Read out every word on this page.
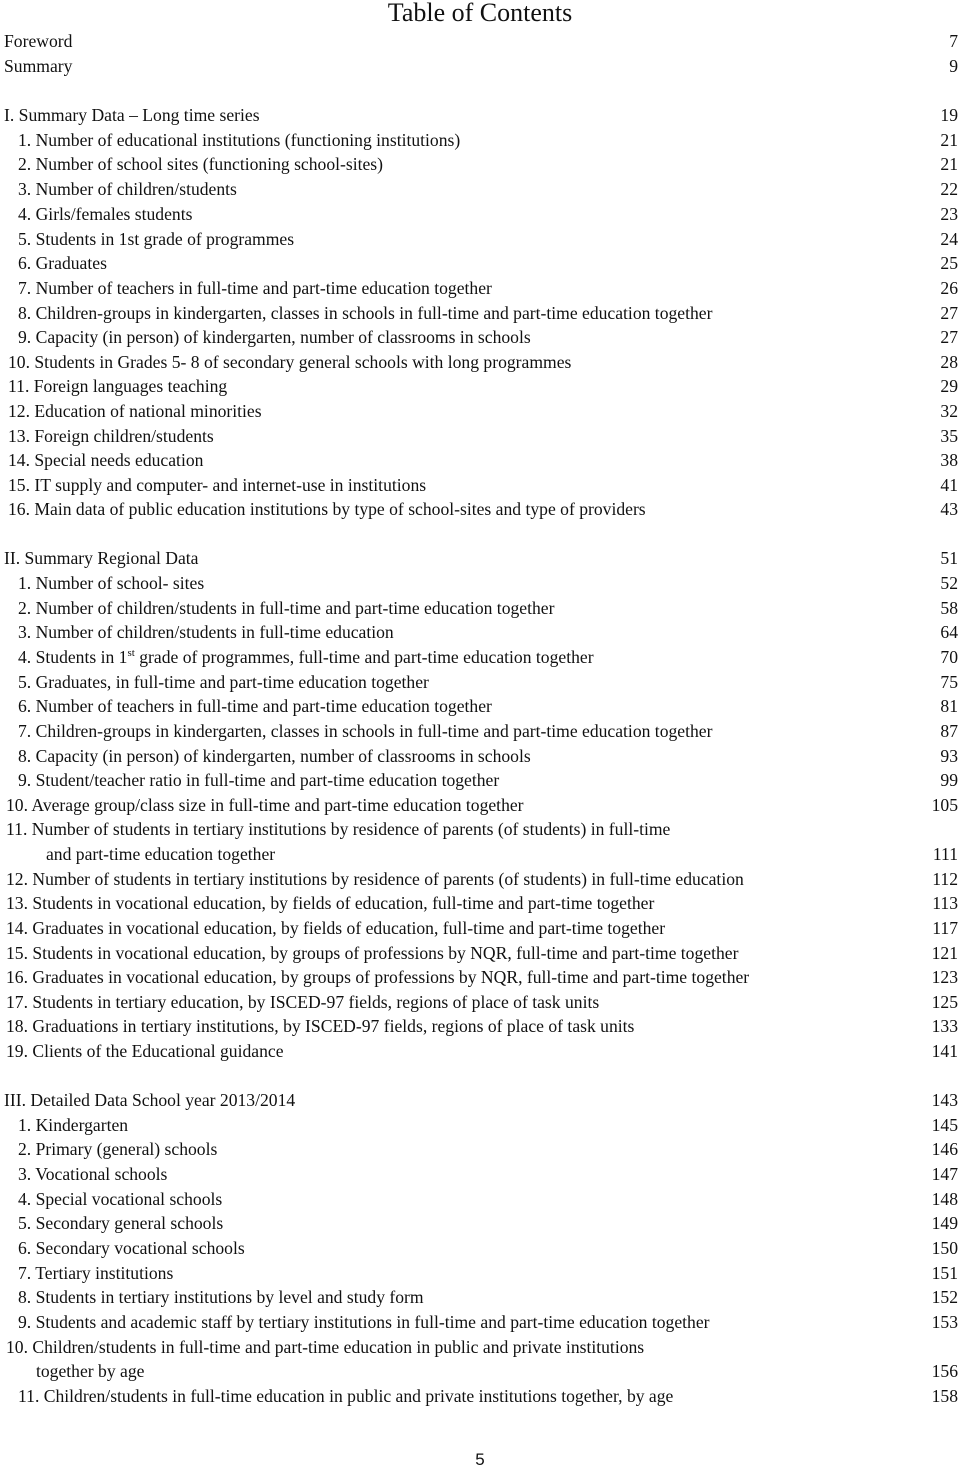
Table of Contents
Foreword	7
Summary	9
I. Summary Data – Long time series	19
1. Number of educational institutions (functioning institutions)	21
2. Number of school sites (functioning school-sites)	21
3. Number of children/students	22
4. Girls/females students	23
5. Students in 1st grade of programmes	24
6. Graduates	25
7. Number of teachers in full-time and part-time education together	26
8. Children-groups in kindergarten, classes in schools in full-time and part-time education together	27
9. Capacity (in person) of kindergarten, number of classrooms in schools	27
10. Students in Grades 5- 8 of secondary general schools with long programmes	28
11. Foreign languages teaching	29
12. Education of national minorities	32
13. Foreign children/students	35
14. Special needs education	38
15. IT supply and computer- and internet-use in institutions	41
16. Main data of public education institutions by type of school-sites and type of providers	43
II. Summary Regional Data	51
1. Number of school- sites	52
2. Number of children/students in full-time and part-time education together	58
3. Number of children/students in full-time education	64
4. Students in 1st grade of programmes, full-time and part-time education together	70
5. Graduates, in full-time and part-time education together	75
6. Number of teachers in full-time and part-time education together	81
7. Children-groups in kindergarten, classes in schools in full-time and part-time education together	87
8. Capacity (in person) of kindergarten, number of classrooms in schools	93
9. Student/teacher ratio in full-time and part-time education together	99
10. Average group/class size in full-time and part-time education together	105
11. Number of students in tertiary institutions by residence of parents (of students) in full-time
and part-time education together	111
12. Number of students in tertiary institutions by residence of parents (of students) in full-time education	112
13. Students in vocational education, by fields of education, full-time and part-time together	113
14. Graduates in vocational education, by fields of education, full-time and part-time together	117
15. Students in vocational education, by groups of professions by NQR, full-time and part-time together	121
16. Graduates in vocational education, by groups of professions by NQR, full-time and part-time together	123
17. Students in tertiary education, by ISCED-97 fields, regions of place of task units	125
18. Graduations in tertiary institutions, by ISCED-97 fields, regions of place of task units	133
19. Clients of the Educational guidance	141
III. Detailed Data School year 2013/2014	143
1. Kindergarten	145
2. Primary (general) schools	146
3. Vocational schools	147
4. Special vocational schools	148
5. Secondary general schools	149
6. Secondary vocational schools	150
7. Tertiary institutions	151
8. Students in tertiary institutions by level and study form	152
9. Students and academic staff by tertiary institutions in full-time and part-time education together	153
10. Children/students in full-time and part-time education in public and private institutions
together by age	156
11. Children/students in full-time education in public and private institutions together, by age	158
5
